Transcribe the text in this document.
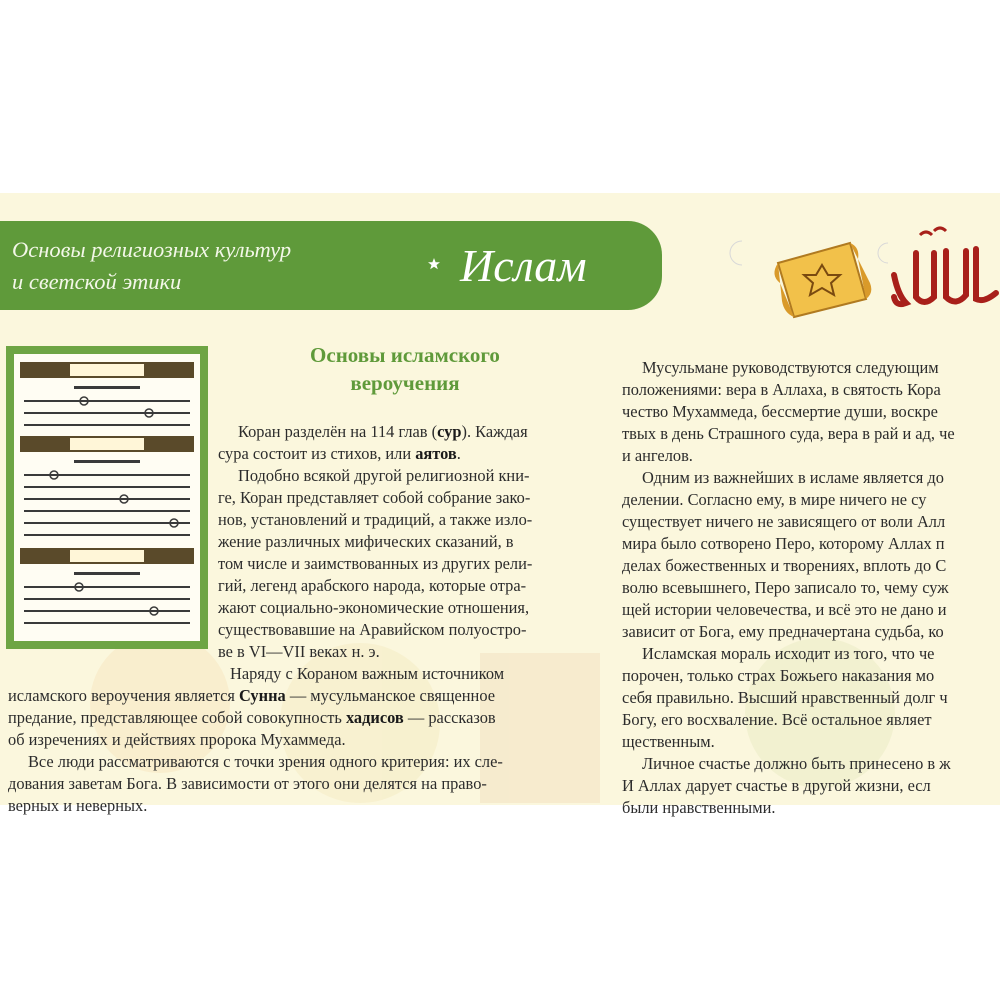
Основы религиозных культур
и светской этики	Ислам
Основы исламского
вероучения
Коран разделён на 114 глав (сур). Каждая
сура состоит из стихов, или аятов.
Подобно всякой другой религиозной кни-
ге, Коран представляет собой собрание зако-
нов, установлений и традиций, а также изло-
жение различных мифических сказаний, в
том числе и заимствованных из других рели-
гий, легенд арабского народа, которые отра-
жают социально-экономические отношения,
существовавшие на Аравийском полуостро-
ве в VI—VII веках н. э.
Наряду с Кораном важным источником
исламского вероучения является Сунна — мусульманское священное
предание, представляющее собой совокупность хадисов — рассказов
об изречениях и действиях пророка Мухаммеда.
Все люди рассматриваются с точки зрения одного критерия: их сле-
дования заветам Бога. В зависимости от этого они делятся на право-
верных и неверных.
Мусульмане руководствуются следующим
положениями: вера в Аллаха, в святость Кора
чество Мухаммеда, бессмертие души, воскре
твых в день Страшного суда, вера в рай и ад, че
и ангелов.
Одним из важнейших в исламе является до
делении. Согласно ему, в мире ничего не су
существует ничего не зависящего от воли Алл
мира было сотворено Перо, которому Аллах п
делах божественных и творениях, вплоть до С
волю всевышнего, Перо записало то, чему суж
щей истории человечества, и всё это не дано и
зависит от Бога, ему предначертана судьба, ко
Исламская мораль исходит из того, что че
порочен, только страх Божьего наказания мо
себя правильно. Высший нравственный долг ч
Богу, его восхваление. Всё остальное являет
щественным.
Личное счастье должно быть принесено в ж
И Аллах дарует счастье в другой жизни, есл
были нравственными.
